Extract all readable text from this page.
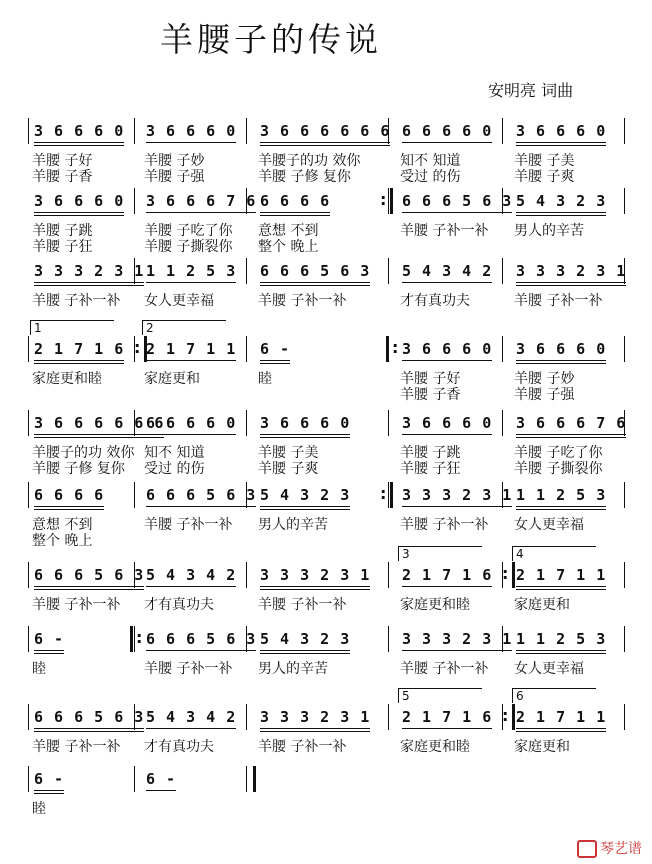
羊腰子的传说
安明亮 词曲
3 6 6 6 0 3 6 6 6 0 3 6 6 6 6 6 6 6 6 6 6 0 3 6 6 6 0
羊腰 子好	羊腰 子妙	羊腰子的功 效你	知不 知道	羊腰 子美
羊腰 子香	羊腰 子强	羊腰 子修 复你	受过 的伤	羊腰 子爽
3 6 6 6 0 3 6 6 6 7 6 6 6 6 6	6 6 6 5 6 3 5 4 3 2 3
:
羊腰 子跳	羊腰 子吃了你 意想 不到	羊腰 子补一补 男人的辛苦
羊腰 子狂	羊腰 子撕裂你 整个 晚上
3 3 3 2 3 1 1 1 2 5 3 6 6 6 5 6 3 5 4 3 4 2 3 3 3 2 3 1
羊腰 子补一补 女人更幸福	羊腰 子补一补	才有真功夫	羊腰 子补一补
2 1 7 1 6 2 1 7 1 1 6 -	3 6 6 6 0 3 6 6 6 0
:
:
1	2
家庭更和睦	家庭更和	睦	羊腰 子好	羊腰 子妙
羊腰 子香	羊腰 子强
3 6 6 6 6 6 6
6 6 6 6 0 3 6 6 6 0	3 6 6 6 0 3 6 6 6 7 6
羊腰子的功 效你 知不 知道	羊腰 子美	羊腰 子跳	羊腰 子吃了你
羊腰 子修 复你 受过 的伤	羊腰 子爽	羊腰 子狂	羊腰 子撕裂你
6 6 6 6	6 6 6 5 6 3 5 4 3 2 3	3 3 3 2 3 1 1 1 2 5 3
:
意想 不到	羊腰 子补一补 男人的辛苦	羊腰 子补一补 女人更幸福
整个 晚上
6 6 6 5 6 3 5 4 3 4 2 3 3 3 2 3 1 2 1 7 1 6 2 1 7 1 1
:
3	4
羊腰 子补一补 才有真功夫	羊腰 子补一补	家庭更和睦	家庭更和
6 -	6 6 6 5 6 3 5 4 3 2 3	3 3 3 2 3 1 1 1 2 5 3
:
睦	羊腰 子补一补 男人的辛苦	羊腰 子补一补 女人更幸福
6 6 6 5 6 3 5 4 3 4 2 3 3 3 2 3 1 2 1 7 1 6 2 1 7 1 1
:
5	6
羊腰 子补一补 才有真功夫	羊腰 子补一补	家庭更和睦	家庭更和
6 -	6 -
睦
琴艺谱
